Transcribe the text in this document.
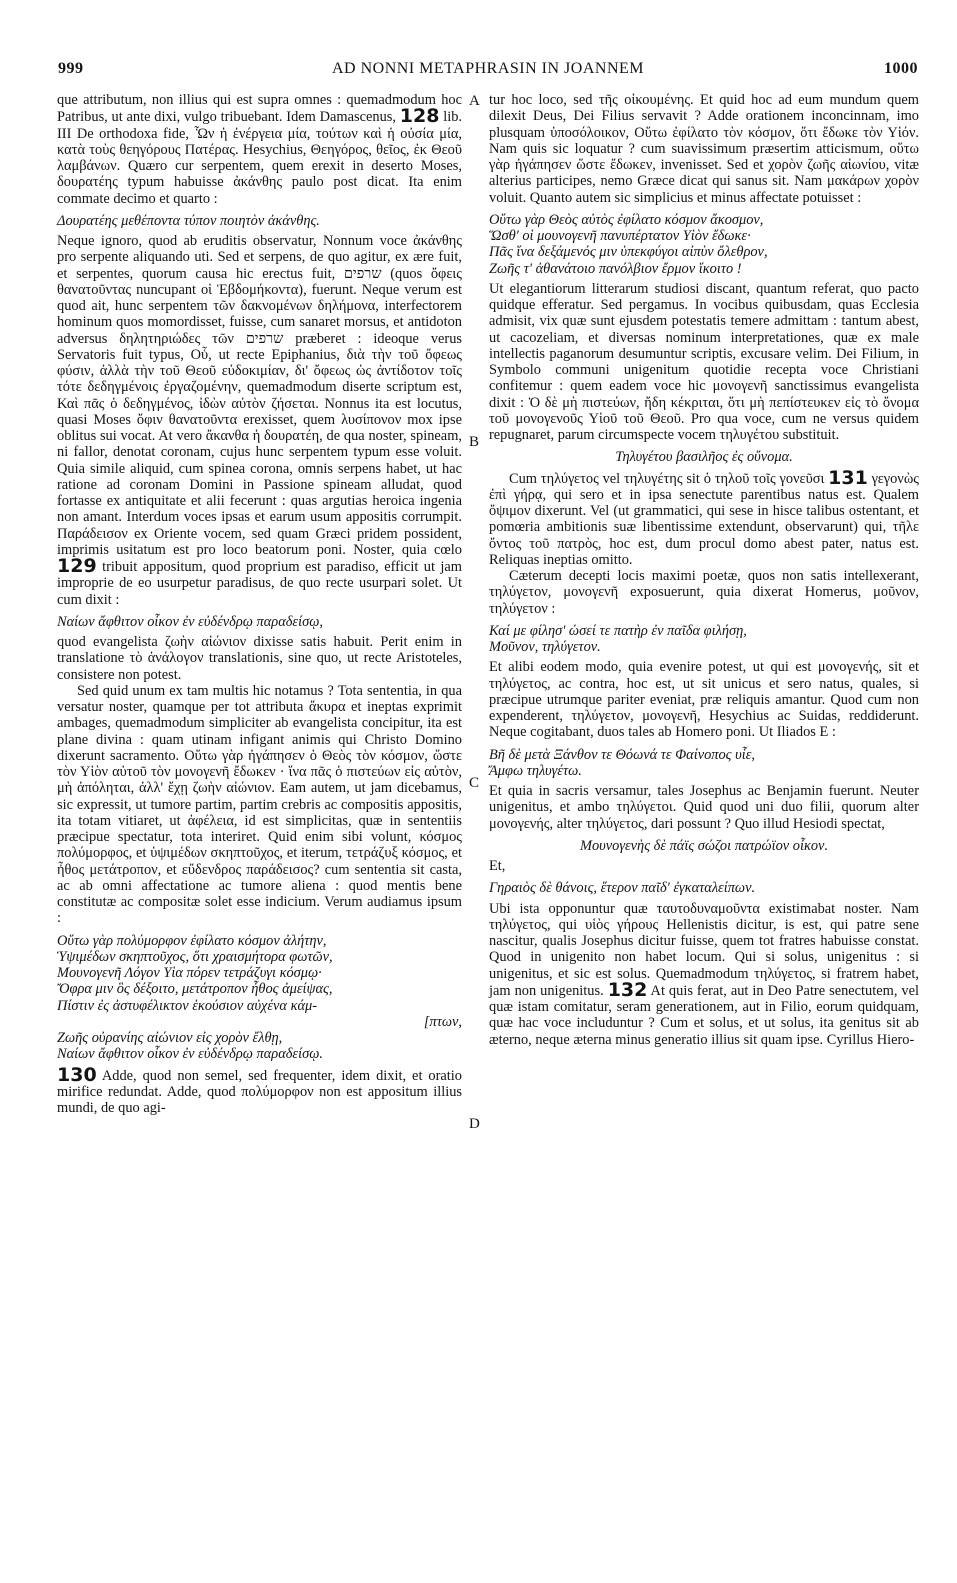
999	AD NONNI METAPHRASIN IN JOANNEM	1000
A
B
C
D

que attributum, non illius qui est supra omnes : quemadmodum hoc Patribus, ut ante dixi, vulgo tribuebant. Idem Damascenus, 128 lib. III De orthodoxa fide, Ὧν ἡ ἐνέργεια μία, τούτων καὶ ἡ οὐσία μία, κατὰ τοὺς θεηγόρους Πατέρας. Hesychius, Θεηγόρος, θεῖος, ἐκ Θεοῦ λαμβάνων. Quæro cur serpentem, quem erexit in deserto Moses, δουρατέης typum habuisse ἀκάνθης paulo post dicat. Ita enim commate decimo et quarto :

Δουρατέης μεθέποντα τύπον ποιητὸν ἀκάνθης.

Neque ignoro, quod ab eruditis observatur, Nonnum voce ἀκάνθης pro serpente aliquando uti. Sed et serpens, de quo agitur, ex ære fuit, et serpentes, quorum causa hic erectus fuit, שרפים (quos ὄφεις θανατοῦντας nuncupant οἱ Ἑβδομήκοντα), fuerunt. Neque verum est quod ait, hunc serpentem τῶν δακνομένων δηλήμονα, interfectorem hominum quos momordisset, fuisse, cum sanaret morsus, et antidoton adversus δηλητηριώδες τῶν שרפים præberet : ideoque verus Servatoris fuit typus, Οὗ, ut recte Epiphanius, διὰ τὴν τοῦ ὄφεως φύσιν, ἀλλὰ τὴν τοῦ Θεοῦ εὐδοκιμίαν, δι' ὄφεως ὡς ἀντίδοτον τοῖς τότε δεδηγμένοις ἐργαζομένην, quemadmodum diserte scriptum est, Καὶ πᾶς ὁ δεδηγμένος, ἰδὼν αὐτὸν ζήσεται. Nonnus ita est locutus, quasi Moses ὄφιν θανατοῦντα erexisset, quem λυσίπονον mox ipse oblitus sui vocat. At vero ἄκανθα ἡ δουρατέη, de qua noster, spineam, ni fallor, denotat coronam, cujus hunc serpentem typum esse voluit. Quia simile aliquid, cum spinea corona, omnis serpens habet, ut hac ratione ad coronam Domini in Passione spineam alludat, quod fortasse ex antiquitate et alii fecerunt : quas argutias heroica ingenia non amant. Interdum voces ipsas et earum usum appositis corrumpit. Παράδεισον ex Oriente vocem, sed quam Græci pridem possident, imprimis usitatum est pro loco beatorum poni. Noster, quia cœlo 129 tribuit appositum, quod proprium est paradiso, efficit ut jam improprie de eo usurpetur paradisus, de quo recte usurpari solet. Ut cum dixit :

Ναίων ἄφθιτον οἶκον ἐν εὐδένδρῳ παραδείσῳ,

quod evangelista ζωὴν αἰώνιον dixisse satis habuit. Perit enim in translatione τὸ ἀνάλογον translationis, sine quo, ut recte Aristoteles, consistere non potest.

Sed quid unum ex tam multis hic notamus ? Tota sententia, in qua versatur noster, quamque per tot attributa ἄκυρα et ineptas exprimit ambages, quemadmodum simpliciter ab evangelista concipitur, ita est plane divina : quam utinam infigant animis qui Christo Domino dixerunt sacramento. Οὕτω γὰρ ἠγάπησεν ὁ Θεὸς τὸν κόσμον, ὥστε τὸν Υἱὸν αὐτοῦ τὸν μονογενῆ ἔδωκεν · ἵνα πᾶς ὁ πιστεύων εἰς αὐτὸν, μὴ ἀπόληται, ἀλλ' ἔχῃ ζωὴν αἰώνιον. Eam autem, ut jam dicebamus, sic expressit, ut tumore partim, partim crebris ac compositis appositis, ita totam vitiaret, ut ἀφέλεια, id est simplicitas, quæ in sententiis præcipue spectatur, tota interiret. Quid enim sibi volunt, κόσμος πολύμορφος, et ὑψιμέδων σκηπτοῦχος, et iterum, τετράζυξ κόσμος, et ἦθος μετάτροπον, et εὔδενδρος παράδεισος? cum sententia sit casta, ac ab omni affectatione ac tumore aliena : quod mentis bene constitutæ ac compositæ solet esse indicium. Verum audiamus ipsum :

Οὕτω γὰρ πολύμορφον ἐφίλατο κόσμον ἀλήτην,
Ὑψιμέδων σκηπτοῦχος, ὅτι χραισμήτορα φωτῶν,
Μουνογενῆ Λόγον Υἱα πόρεν τετράζυγι κόσμῳ·
Ὄφρα μιν ὃς δέξοιτο, μετάτροπον ἦθος ἀμείψας,
Πίστιν ἐς ἀστυφέλικτον ἑκούσιον αὐχένα κάμ-
[πτων,
Ζωῆς οὐρανίης αἰώνιον εἰς χορὸν ἔλθῃ,
Ναίων ἄφθιτον οἶκον ἐν εὐδένδρῳ παραδείσῳ.

130 Adde, quod non semel, sed frequenter, idem dixit, et oratio mirifice redundat. Adde, quod πολύμορφον non est appositum illius mundi, de quo agi-

tur hoc loco, sed τῆς οἰκουμένης. Et quid hoc ad eum mundum quem dilexit Deus, Dei Filius servavit ? Adde orationem inconcinnam, imo plusquam ὑποσόλοικον, Οὕτω ἐφίλατο τὸν κόσμον, ὅτι ἔδωκε τὸν Υἱόν. Nam quis sic loquatur ? cum suavissimum præsertim atticismum, οὕτω γὰρ ἠγάπησεν ὥστε ἔδωκεν, invenisset. Sed et χορὸν ζωῆς αἰωνίου, vitæ alterius participes, nemo Græce dicat qui sanus sit. Nam μακάρων χορὸν voluit. Quanto autem sic simplicius et minus affectate potuisset :

Οὕτω γὰρ Θεὸς αὐτὸς ἐφίλατο κόσμον ἄκοσμον,
Ὥσθ' οἱ μουνογενῆ πανυπέρτατον Υἱὸν ἔδωκε·
Πᾶς ἵνα δεξάμενός μιν ὑπεκφύγοι αἰπὺν ὄλεθρον,
Ζωῆς τ' ἀθανάτοιο πανόλβιον ἔρμον ἵκοιτο !

Ut elegantiorum litterarum studiosi discant, quantum referat, quo pacto quidque efferatur. Sed pergamus. In vocibus quibusdam, quas Ecclesia admisit, vix quæ sunt ejusdem potestatis temere admittam : tantum abest, ut cacozeliam, et diversas nominum interpretationes, quæ ex male intellectis paganorum desumuntur scriptis, excusare velim. Dei Filium, in Symbolo communi unigenitum quotidie recepta voce Christiani confitemur : quem eadem voce hic μονογενῆ sanctissimus evangelista dixit : Ὁ δὲ μὴ πιστεύων, ἤδη κέκριται, ὅτι μὴ πεπίστευκεν εἰς τὸ ὄνομα τοῦ μονογενοῦς Υἱοῦ τοῦ Θεοῦ. Pro qua voce, cum ne versus quidem repugnaret, parum circumspecte vocem τηλυγέτου substituit.

Τηλυγέτου βασιλῆος ἐς οὔνομα.

Cum τηλύγετος vel τηλυγέτης sit ὁ τηλοῦ τοῖς γονεῦσι 131 γεγονὼς ἐπὶ γήρᾳ, qui sero et in ipsa senectute parentibus natus est. Qualem ὄψιμον dixerunt. Vel (ut grammatici, qui sese in hisce talibus ostentant, et pomœria ambitionis suæ libentissime extendunt, observarunt) qui, τῆλε ὄντος τοῦ πατρὸς, hoc est, dum procul domo abest pater, natus est. Reliquas ineptias omitto.

Cæterum decepti locis maximi poetæ, quos non satis intellexerant, τηλύγετον, μονογενῆ exposuerunt, quia dixerat Homerus, μοῦνον, τηλύγετον :

Καί με φίλησ' ὡσεί τε πατὴρ ἐν παῖδα φιλήσῃ,
Μοῦνον, τηλύγετον.

Et alibi eodem modo, quia evenire potest, ut qui est μονογενής, sit et τηλύγετος, ac contra, hoc est, ut sit unicus et sero natus, quales, si præcipue utrumque pariter eveniat, præ reliquis amantur. Quod cum non expenderent, τηλύγετον, μονογενῆ, Hesychius ac Suidas, reddiderunt. Neque cogitabant, duos tales ab Homero poni. Ut Iliados E :

Βῆ δὲ μετὰ Ξάνθον τε Θόωνά τε Φαίνοπος υἷε,
Ἄμφω τηλυγέτω.

Et quia in sacris versamur, tales Josephus ac Benjamin fuerunt. Neuter unigenitus, et ambo τηλύγετοι. Quid quod uni duo filii, quorum alter μονογενής, alter τηλύγετος, dari possunt ? Quo illud Hesiodi spectat,

Μουνογενὴς δὲ πάϊς σώζοι πατρώϊον οἶκον.

Et,

Γηραιὸς δὲ θάνοις, ἕτερον παῖδ' ἐγκαταλείπων.

Ubi ista opponuntur quæ ταυτοδυναμοῦντα existimabat noster. Nam τηλύγετος, qui υἱὸς γήρους Hellenistis dicitur, is est, qui patre sene nascitur, qualis Josephus dicitur fuisse, quem tot fratres habuisse constat. Quod in unigenito non habet locum. Qui si solus, unigenitus : si unigenitus, et sic est solus. Quemadmodum τηλύγετος, si fratrem habet, jam non unigenitus. 132 At quis ferat, aut in Deo Patre senectutem, vel quæ istam comitatur, seram generationem, aut in Filio, eorum quidquam, quæ hac voce includuntur ? Cum et solus, et ut solus, ita genitus sit ab æterno, neque æterna minus generatio illius sit quam ipse. Cyrillus Hiero-
